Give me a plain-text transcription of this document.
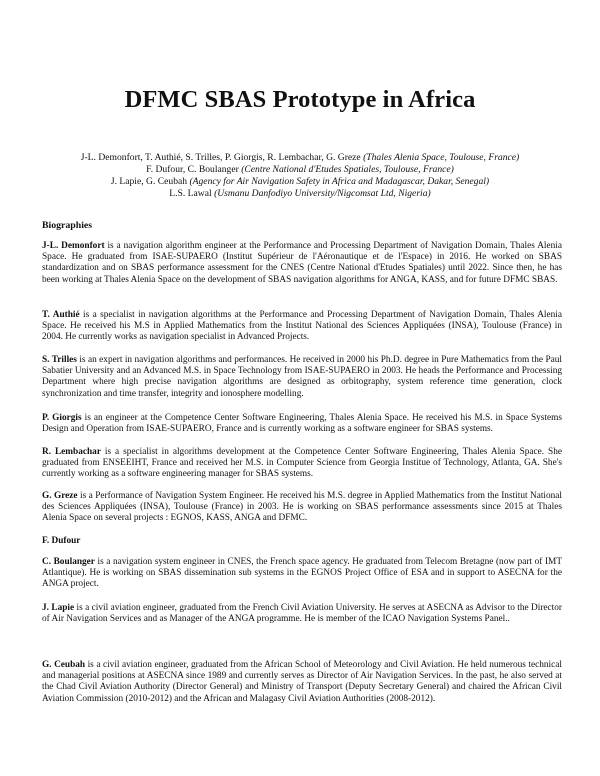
DFMC SBAS Prototype in Africa
J-L. Demonfort, T. Authié, S. Trilles, P. Giorgis, R. Lembachar, G. Greze (Thales Alenia Space, Toulouse, France)
F. Dufour, C. Boulanger (Centre National d'Etudes Spatiales, Toulouse, France)
J. Lapie, G. Ceubah (Agency for Air Navigation Safety in Africa and Madagascar, Dakar, Senegal)
L.S. Lawal (Usmanu Danfodiyo University/Nigcomsat Ltd, Nigeria)
Biographies

J-L. Demonfort is a navigation algorithm engineer at the Performance and Processing Department of Navigation Domain, Thales Alenia Space. He graduated from ISAE-SUPAERO (Institut Supérieur de l'Aéronautique et de l'Espace) in 2016. He worked on SBAS standardization and on SBAS performance assessment for the CNES (Centre National d'Etudes Spatiales) until 2022. Since then, he has been working at Thales Alenia Space on the development of SBAS navigation algorithms for ANGA, KASS, and for future DFMC SBAS.

T. Authié is a specialist in navigation algorithms at the Performance and Processing Department of Navigation Domain, Thales Alenia Space. He received his M.S in Applied Mathematics from the Institut National des Sciences Appliquées (INSA), Toulouse (France) in 2004. He currently works as navigation specialist in Advanced Projects.

S. Trilles is an expert in navigation algorithms and performances. He received in 2000 his Ph.D. degree in Pure Mathematics from the Paul Sabatier University and an Advanced M.S. in Space Technology from ISAE-SUPAERO in 2003. He heads the Performance and Processing Department where high precise navigation algorithms are designed as orbitography, system reference time generation, clock synchronization and time transfer, integrity and ionosphere modelling.

P. Giorgis is an engineer at the Competence Center Software Engineering, Thales Alenia Space. He received his M.S. in Space Systems Design and Operation from ISAE-SUPAERO, France and is currently working as a software engineer for SBAS systems.

R. Lembachar is a specialist in algorithms development at the Competence Center Software Engineering, Thales Alenia Space. She graduated from ENSEEIHT, France and received her M.S. in Computer Science from Georgia Institue of Technology, Atlanta, GA. She's currently working as a software engineering manager for SBAS systems.

G. Greze is a Performance of Navigation System Engineer. He received his M.S. degree in Applied Mathematics from the Institut National des Sciences Appliquées (INSA), Toulouse (France) in 2003. He is working on SBAS performance assessments since 2015 at Thales Alenia Space on several projects : EGNOS, KASS, ANGA and DFMC.

F. Dufour

C. Boulanger is a navigation system engineer in CNES, the French space agency. He graduated from Telecom Bretagne (now part of IMT Atlantique). He is working on SBAS dissemination sub systems in the EGNOS Project Office of ESA and in support to ASECNA for the ANGA project.

J. Lapie is a civil aviation engineer, graduated from the French Civil Aviation University. He serves at ASECNA as Advisor to the Director of Air Navigation Services and as Manager of the ANGA programme. He is member of the ICAO Navigation Systems Panel..

G. Ceubah is a civil aviation engineer, graduated from the African School of Meteorology and Civil Aviation. He held numerous technical and managerial positions at ASECNA since 1989 and currently serves as Director of Air Navigation Services. In the past, he also served at the Chad Civil Aviation Authority (Director General) and Ministry of Transport (Deputy Secretary General) and chaired the African Civil Aviation Commission (2010-2012) and the African and Malagasy Civil Aviation Authorities (2008-2012).
